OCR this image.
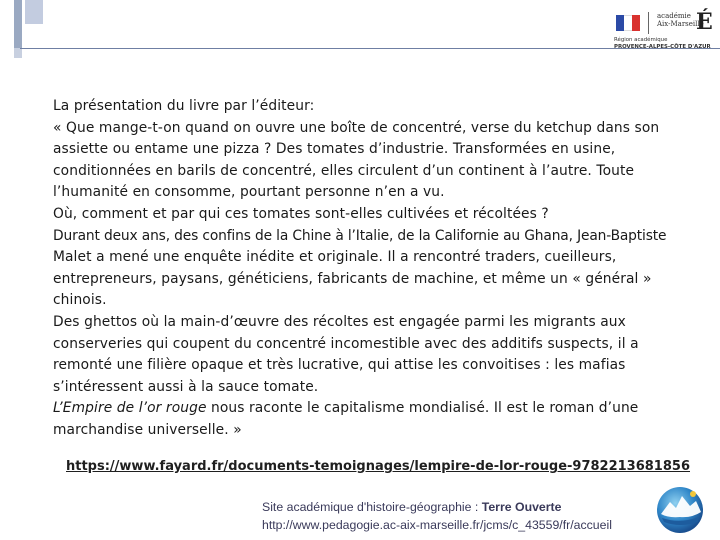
académie
Aix-Marseille
É
Région académique
PROVENCE-ALPES-CÔTE D'AZUR

La présentation du livre par l’éditeur:

« Que mange-t-on quand on ouvre une boîte de concentré, verse du ketchup dans son

assiette ou entame une pizza ? Des tomates d’industrie. Transformées en usine,

conditionnées en barils de concentré, elles circulent d’un continent à l’autre. Toute

l’humanité en consomme, pourtant personne n’en a vu.

Où, comment et par qui ces tomates sont-elles cultivées et récoltées ?

Durant deux ans, des confins de la Chine à l’Italie, de la Californie au Ghana, Jean-Baptiste

Malet a mené une enquête inédite et originale. Il a rencontré traders, cueilleurs,

entrepreneurs, paysans, généticiens, fabricants de machine, et même un « général »

chinois.

Des ghettos où la main-d’œuvre des récoltes est engagée parmi les migrants aux

conserveries qui coupent du concentré incomestible avec des additifs suspects, il a

remonté une filière opaque et très lucrative, qui attise les convoitises : les mafias

s’intéressent aussi à la sauce tomate.

L’Empire de l’or rouge nous raconte le capitalisme mondialisé. Il est le roman d’une

marchandise universelle. »

https://www.fayard.fr/documents-temoignages/lempire-de-lor-rouge-9782213681856
Site académique d'histoire-géographie : Terre Ouverte
http://www.pedagogie.ac-aix-marseille.fr/jcms/c_43559/fr/accueil
